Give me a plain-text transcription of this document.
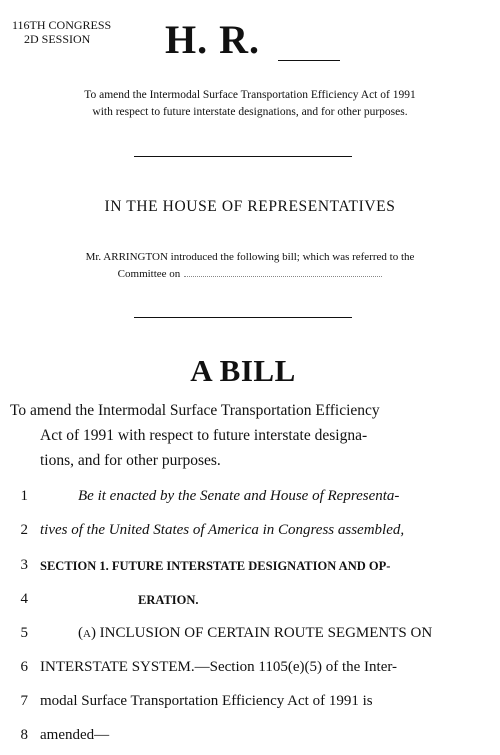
116TH CONGRESS
2D SESSION	H. R.
To amend the Intermodal Surface Transportation Efficiency Act of 1991
with respect to future interstate designations, and for other purposes.
IN THE HOUSE OF REPRESENTATIVES
Mr. ARRINGTON introduced the following bill; which was referred to the
Committee on
A BILL
To amend the Intermodal Surface Transportation Efficiency
Act of 1991 with respect to future interstate designa-
tions, and for other purposes.
1	Be it enacted by the Senate and House of Representa-
2 tives of the United States of America in Congress assembled,
3 SECTION 1. FUTURE INTERSTATE DESIGNATION AND OP-
4	ERATION.
5	(a) INCLUSION OF CERTAIN ROUTE SEGMENTS ON
6 INTERSTATE SYSTEM.—Section 1105(e)(5) of the Inter-
7 modal Surface Transportation Efficiency Act of 1991 is
8 amended—
